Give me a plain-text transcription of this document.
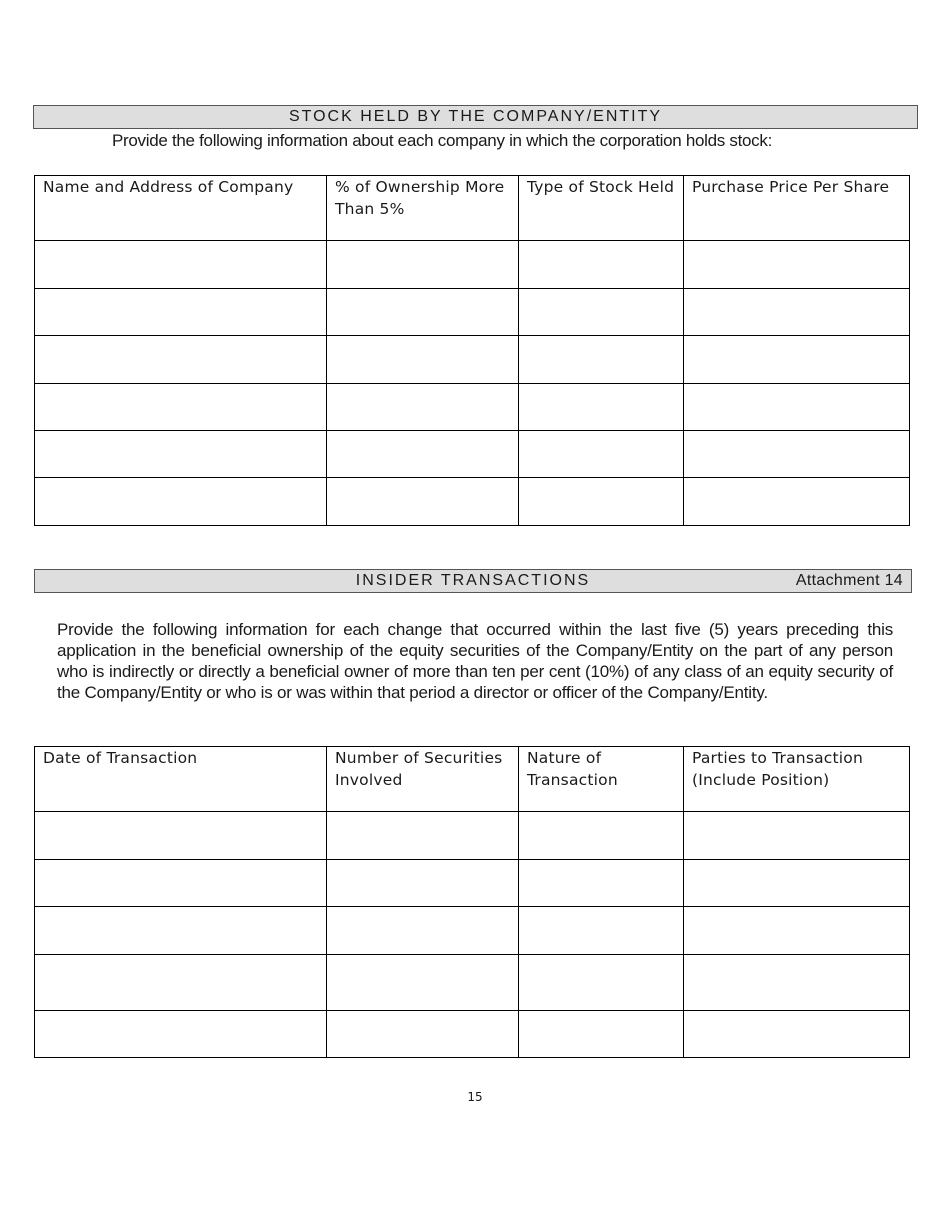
STOCK HELD BY THE COMPANY/ENTITY
Provide the following information about each company in which the corporation holds stock:
Name and Address of Company	% of Ownership More Than 5%	Type of Stock Held	Purchase Price Per Share

INSIDER TRANSACTIONS	Attachment 14
Provide the following information for each change that occurred within the last five (5) years preceding this application in the beneficial ownership of the equity securities of the Company/Entity on the part of any person who is indirectly or directly a beneficial owner of more than ten per cent (10%) of any class of an equity security of the Company/Entity or who is or was within that period a director or officer of the Company/Entity.
Date of Transaction	Number of Securities Involved	Nature of Transaction	Parties to Transaction (Include Position)

15
